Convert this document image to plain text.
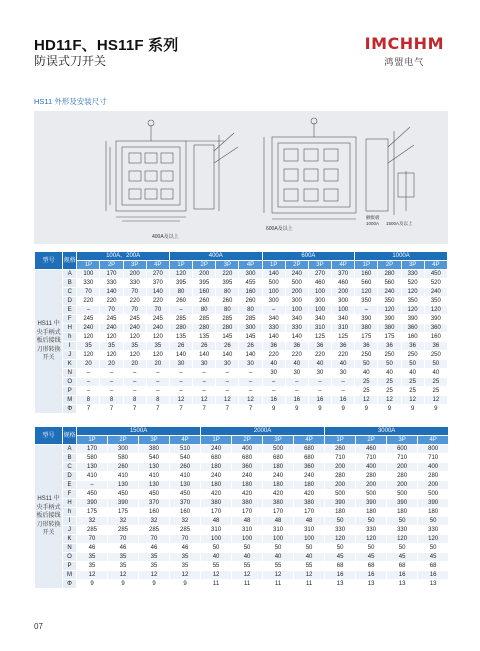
HD11F、HS11F 系列
防误式刀开关
IMCHHM
鸿盟电气
HS11 外形及安装尺寸
400A及以上
600A及以上
额级板
1000A 1500A及以上
型号	规格	100A、200A				400A				600A				1000A			
		1P	2P	3P	4P	1P	2P	3P	4P	1P	2P	3P	4P	1P	2P	3P	4P
HS11 中央手柄式板后接线刀形转换开关	A	100	170	200	270	120	200	220	300	140	240	270	370	160	280	330	450
	B	330	330	330	370	395	395	395	455	500	500	460	460	560	560	520	520
	C	70	140	70	140	80	160	80	160	100	200	100	200	120	240	120	240
	D	220	220	220	220	260	260	260	260	300	300	300	300	350	350	350	350
	E	–	70	70	70	–	80	80	80	–	100	100	100	–	120	120	120
	F	245	245	245	245	285	285	285	285	340	340	340	340	390	390	390	390
	H	240	240	240	240	280	280	280	300	330	330	310	310	380	380	360	360
	h	120	120	120	120	135	135	145	145	140	140	125	125	175	175	160	160
	I	35	35	35	35	26	26	26	26	36	36	36	36	36	36	36	36
	J	120	120	120	120	140	140	140	140	220	220	220	220	250	250	250	250
	K	20	20	20	20	30	30	30	30	40	40	40	40	50	50	50	50
	N	–	–	–	–	–	–	–	–	30	30	30	30	40	40	40	40
	O	–	–	–	–	–	–	–	–	–	–	–	–	25	25	25	25
	P	–	–	–	–	–	–	–	–	–	–	–	–	25	25	25	25
	M	8	8	8	8	12	12	12	12	16	16	16	16	12	12	12	12
	Φ	7	7	7	7	7	7	7	7	9	9	9	9	9	9	9	9
型号	规格	1500A				2000A				3000A			
		1P	2P	3P	4P	1P	2P	3P	4P	1P	2P	3P	4P
HS11 中央手柄式板后接线刀形转换开关	A	170	300	380	510	240	400	500	680	260	460	600	800
	B	580	580	540	540	680	680	680	680	710	710	710	710
	C	130	260	130	260	180	360	180	360	200	400	200	400
	D	410	410	410	410	240	240	240	240	280	280	280	280
	E	–	130	130	130	180	180	180	180	200	200	200	200
	F	450	450	450	450	420	420	420	420	500	500	500	500
	H	390	390	370	370	380	380	380	380	390	390	390	390
	h	175	175	160	160	170	170	170	170	180	180	180	180
	I	32	32	32	32	48	48	48	48	50	50	50	50
	J	285	285	285	285	310	310	310	310	330	330	330	330
	K	70	70	70	70	100	100	100	100	120	120	120	120
	N	46	46	46	46	50	50	50	50	50	50	50	50
	O	35	35	35	35	40	40	40	40	45	45	45	45
	P	35	35	35	35	55	55	55	55	68	68	68	68
	M	12	12	12	12	12	12	12	12	16	16	16	16
	Φ	9	9	9	9	11	11	11	11	13	13	13	13
07
